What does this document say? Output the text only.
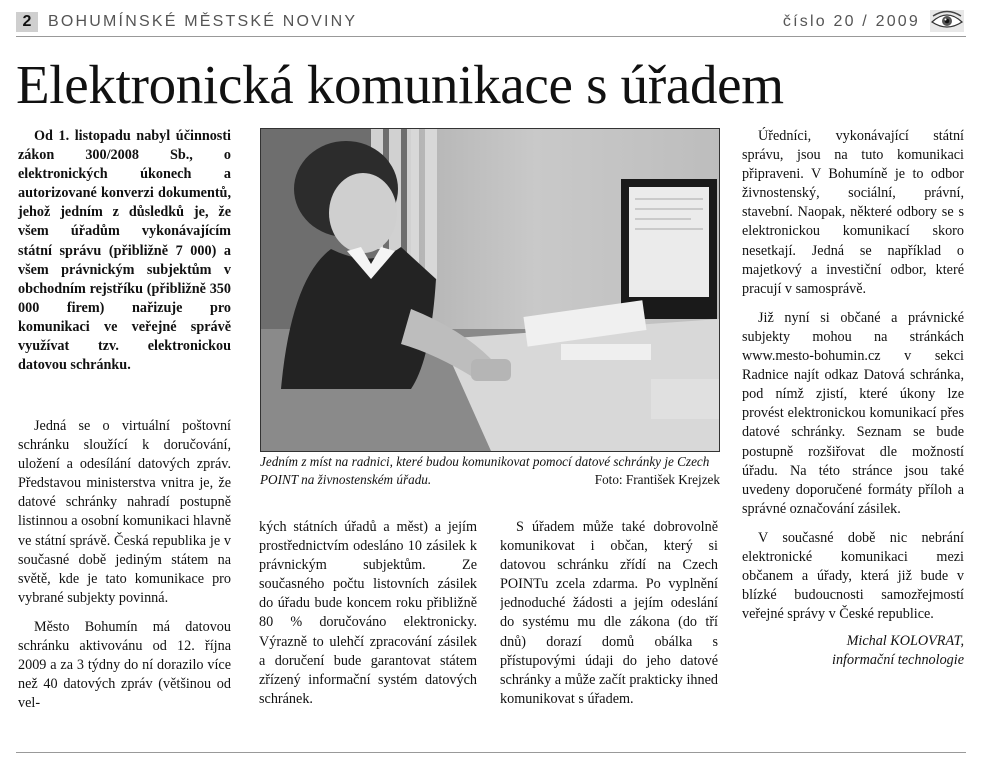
2	BOHUMÍNSKÉ MĚSTSKÉ NOVINY	číslo 20 / 2009
Elektronická komunikace s úřadem

Od 1. listopadu nabyl účinnosti zákon 300/2008 Sb., o elektronických úkonech a autorizované konverzi dokumentů, jehož jedním z důsledků je, že všem úřadům vykonávajícím státní správu (přibližně 7 000) a všem právnickým subjektům v obchodním rejstříku (přibližně 350 000 firem) nařizuje pro komunikaci ve veřejné správě využívat tzv. elektronickou datovou schránku.

Jedná se o virtuální poštovní schránku sloužící k doručování, uložení a odesílání datových zpráv. Představou ministerstva vnitra je, že datové schránky nahradí postupně listinnou a osobní komunikaci hlavně ve státní správě. Česká republika je v současné době jediným státem na světě, kde je tato komunikace pro vybrané subjekty povinná.

Město Bohumín má datovou schránku aktivovánu od 12. října 2009 a za 3 týdny do ní dorazilo více než 40 datových zpráv (většinou od vel-

Jedním z míst na radnici, které budou komunikovat pomocí datové schránky je Czech POINT na živnostenském úřadu.	Foto: František Krejzek

kých státních úřadů a měst) a jejím prostřednictvím odesláno 10 zásilek k právnickým subjektům. Ze současného počtu listovních zásilek do úřadu bude koncem roku přibližně 80 % doručováno elektronicky. Výrazně to ulehčí zpracování zásilek a doručení bude garantovat státem zřízený informační systém datových schránek.

S úřadem může také dobrovolně komunikovat i občan, který si datovou schránku zřídí na Czech POINTu zcela zdarma. Po vyplnění jednoduché žádosti a jejím odeslání do systému mu dle zákona (do tří dnů) dorazí domů obálka s přístupovými údaji do jeho datové schránky a může začít prakticky ihned komunikovat s úřadem.

Úředníci, vykonávající státní správu, jsou na tuto komunikaci připraveni. V Bohumíně je to odbor živnostenský, sociální, právní, stavební. Naopak, některé odbory se s elektronickou komunikací skoro nesetkají. Jedná se například o majetkový a investiční odbor, které pracují v samosprávě.

Již nyní si občané a právnické subjekty mohou na stránkách www.mesto-bohumin.cz v sekci Radnice najít odkaz Datová schránka, pod nímž zjistí, které úkony lze provést elektronickou komunikací přes datové schránky. Seznam se bude postupně rozšiřovat dle možností úřadu. Na této stránce jsou také uvedeny doporučené formáty příloh a správné označování zásilek.

V současné době nic nebrání elektronické komunikaci mezi občanem a úřady, která již bude v blízké budoucnosti samozřejmostí veřejné správy v České republice.

Michal KOLOVRAT,
informační technologie
